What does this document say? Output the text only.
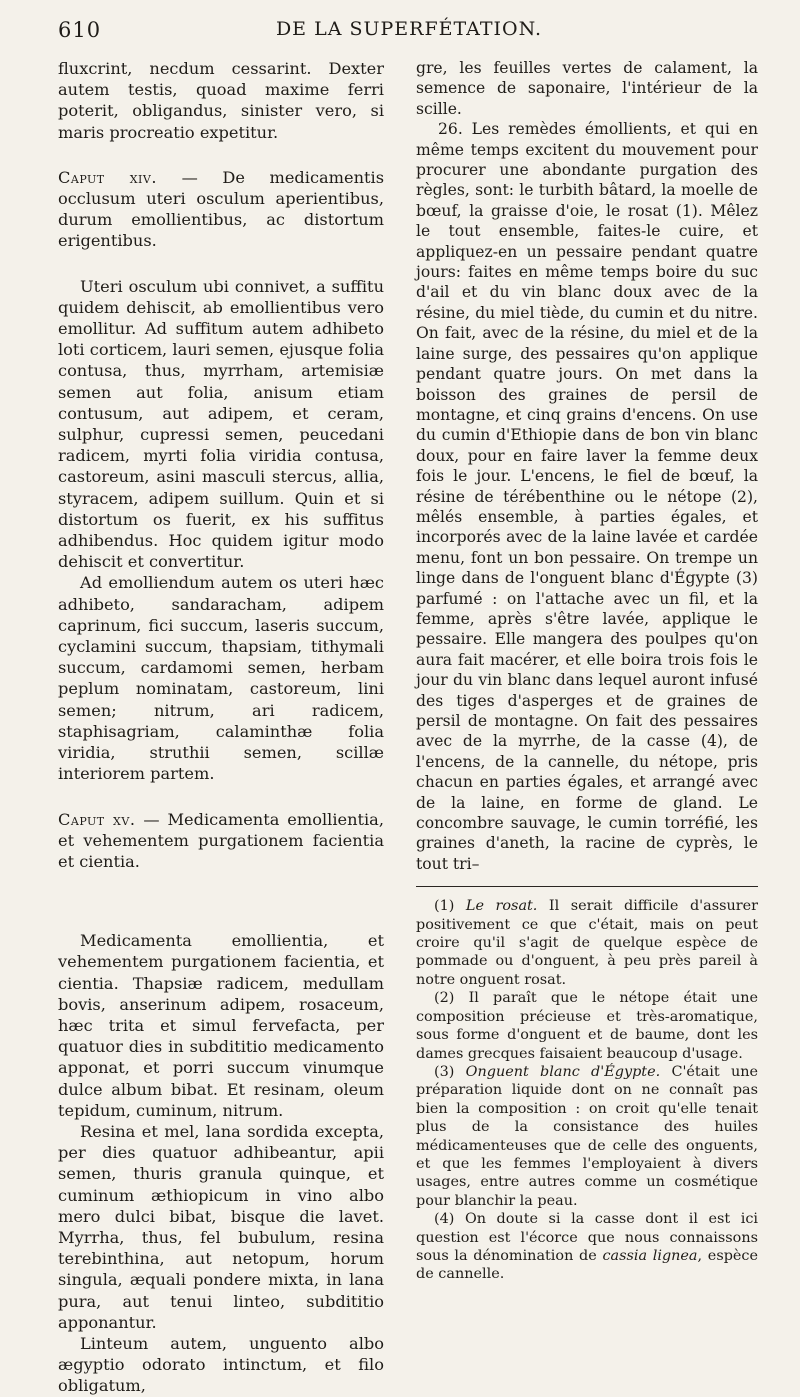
610	DE LA SUPERFÉTATION.

fluxcrint, necdum cessarint. Dexter autem testis, quoad maxime ferri poterit, obligandus, sinister vero, si maris procreatio expetitur.

Caput xiv. — De medicamentis occlusum uteri osculum aperientibus, durum emollientibus, ac distortum erigentibus.

Uteri osculum ubi connivet, a suffitu quidem dehiscit, ab emollientibus vero emollitur. Ad suffitum autem adhibeto loti corticem, lauri semen, ejusque folia contusa, thus, myrrham, artemisiæ semen aut folia, anisum etiam contusum, aut adipem, et ceram, sulphur, cupressi semen, peucedani radicem, myrti folia viridia contusa, castoreum, asini masculi stercus, allia, styracem, adipem suillum. Quin et si distortum os fuerit, ex his suffitus adhibendus. Hoc quidem igitur modo dehiscit et convertitur.

Ad emolliendum autem os uteri hæc adhibeto, sandaracham, adipem caprinum, fici succum, laseris succum, cyclamini succum, thapsiam, tithymali succum, cardamomi semen, herbam peplum nominatam, castoreum, lini semen; nitrum, ari radicem, staphisagriam, calaminthæ folia viridia, struthii semen, scillæ interiorem partem.

Caput xv. — Medicamenta emollientia, et vehementem purgationem facientia et cientia.

Medicamenta emollientia, et vehementem purgationem facientia, et cientia. Thapsiæ radicem, medullam bovis, anserinum adipem, rosaceum, hæc trita et simul fervefacta, per quatuor dies in subdititio medicamento apponat, et porri succum vinumque dulce album bibat. Et resinam, oleum tepidum, cuminum, nitrum.

Resina et mel, lana sordida excepta, per dies quatuor adhibeantur, apii semen, thuris granula quinque, et cuminum æthiopicum in vino albo mero dulci bibat, bisque die lavet. Myrrha, thus, fel bubulum, resina terebinthina, aut netopum, horum singula, æquali pondere mixta, in lana pura, aut tenui linteo, subdititio apponantur.

Linteum autem, unguento albo ægyptio odorato intinctum, et filo obligatum,

gre, les feuilles vertes de calament, la semence de saponaire, l'intérieur de la scille.

26. Les remèdes émollients, et qui en même temps excitent du mouvement pour procurer une abondante purgation des règles, sont: le turbith bâtard, la moelle de bœuf, la graisse d'oie, le rosat (1). Mêlez le tout ensemble, faites-le cuire, et appliquez-en un pessaire pendant quatre jours: faites en même temps boire du suc d'ail et du vin blanc doux avec de la résine, du miel tiède, du cumin et du nitre. On fait, avec de la résine, du miel et de la laine surge, des pessaires qu'on applique pendant quatre jours. On met dans la boisson des graines de persil de montagne, et cinq grains d'encens. On use du cumin d'Ethiopie dans de bon vin blanc doux, pour en faire laver la femme deux fois le jour. L'encens, le fiel de bœuf, la résine de térébenthine ou le nétope (2), mêlés ensemble, à parties égales, et incorporés avec de la laine lavée et cardée menu, font un bon pessaire. On trempe un linge dans de l'onguent blanc d'Égypte (3) parfumé : on l'attache avec un fil, et la femme, après s'être lavée, applique le pessaire. Elle mangera des poulpes qu'on aura fait macérer, et elle boira trois fois le jour du vin blanc dans lequel auront infusé des tiges d'asperges et de graines de persil de montagne. On fait des pessaires avec de la myrrhe, de la casse (4), de l'encens, de la cannelle, du nétope, pris chacun en parties égales, et arrangé avec de la laine, en forme de gland. Le concombre sauvage, le cumin torréfié, les graines d'aneth, la racine de cyprès, le tout tri–

(1) Le rosat. Il serait difficile d'assurer positivement ce que c'était, mais on peut croire qu'il s'agit de quelque espèce de pommade ou d'onguent, à peu près pareil à notre onguent rosat.

(2) Il paraît que le nétope était une composition précieuse et très-aromatique, sous forme d'onguent et de baume, dont les dames grecques faisaient beaucoup d'usage.

(3) Onguent blanc d'Égypte. C'était une préparation liquide dont on ne connaît pas bien la composition : on croit qu'elle tenait plus de la consistance des huiles médicamenteuses que de celle des onguents, et que les femmes l'employaient à divers usages, entre autres comme un cosmétique pour blanchir la peau.

(4) On doute si la casse dont il est ici question est l'écorce que nous connaissons sous la dénomination de cassia lignea, espèce de cannelle.
